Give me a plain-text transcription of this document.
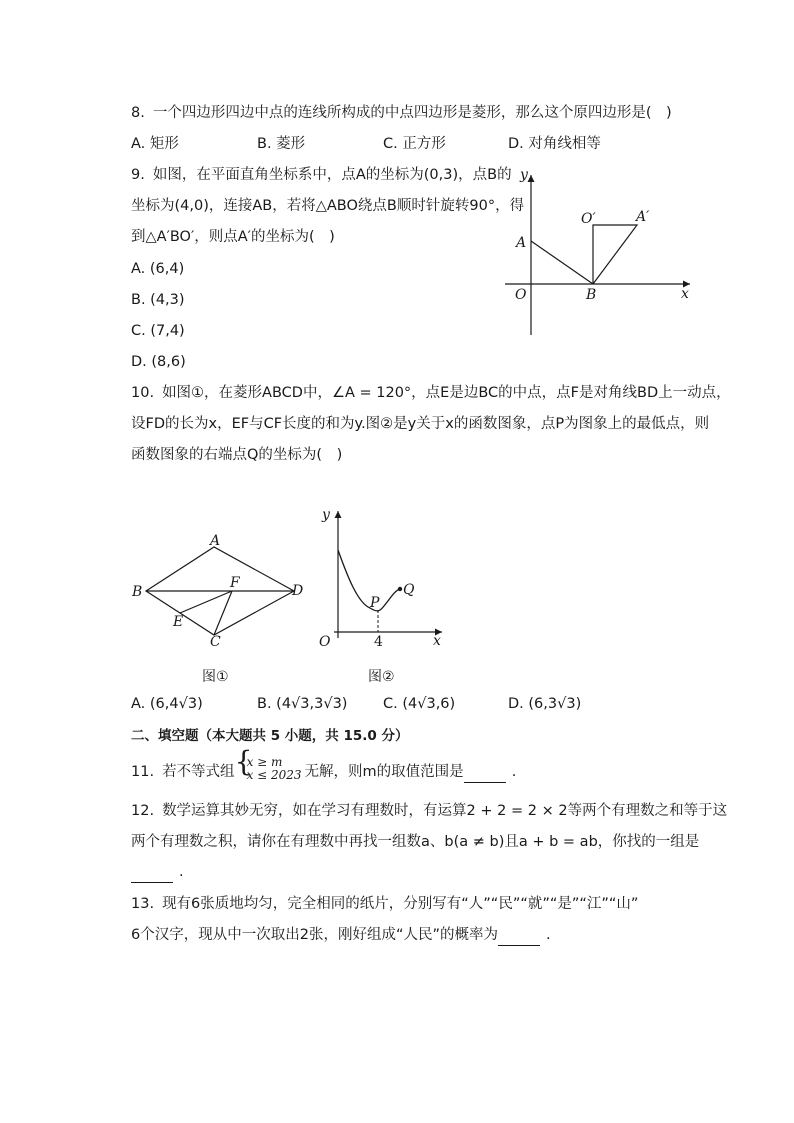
8. 一个四边形四边中点的连线所构成的中点四边形是菱形，那么这个原四边形是(　)
A. 矩形	B. 菱形	C. 正方形	D. 对角线相等
9. 如图，在平面直角坐标系中，点A的坐标为(0,3)，点B的
坐标为(4,0)，连接AB，若将△ABO绕点B顺时针旋转90°，得
到△A′BO′，则点A′的坐标为(　)
A. (6,4)
B. (4,3)
C. (7,4)
D. (8,6)
y
x
O
A
B
O′	A′
10. 如图①，在菱形ABCD中，∠A = 120°，点E是边BC的中点，点F是对角线BD上一动点，
设FD的长为x，EF与CF长度的和为y.图②是y关于x的函数图象，点P为图象上的最低点，则
函数图象的右端点Q的坐标为(　)
A
B
C
D
E
F
y
x
O
P
Q
4
图①	图②
A. (6,4√3)	B. (4√3,3√3) C. (4√3,6)	D. (6,3√3)
二、填空题（本大题共 5 小题，共 15.0 分）
11. 若不等式组 {
x ≥ m
x ≤ 2023 无解，则m的取值范围是	.
12. 数学运算其妙无穷，如在学习有理数时，有运算2 + 2 = 2 × 2等两个有理数之和等于这
两个有理数之积，请你在有理数中再找一组数a、b(a ≠ b)且a + b = ab，你找的一组是
.
13. 现有6张质地均匀，完全相同的纸片，分别写有“人”“民”“就”“是”“江”“山”
6个汉字，现从中一次取出2张，刚好组成“人民”的概率为	.
